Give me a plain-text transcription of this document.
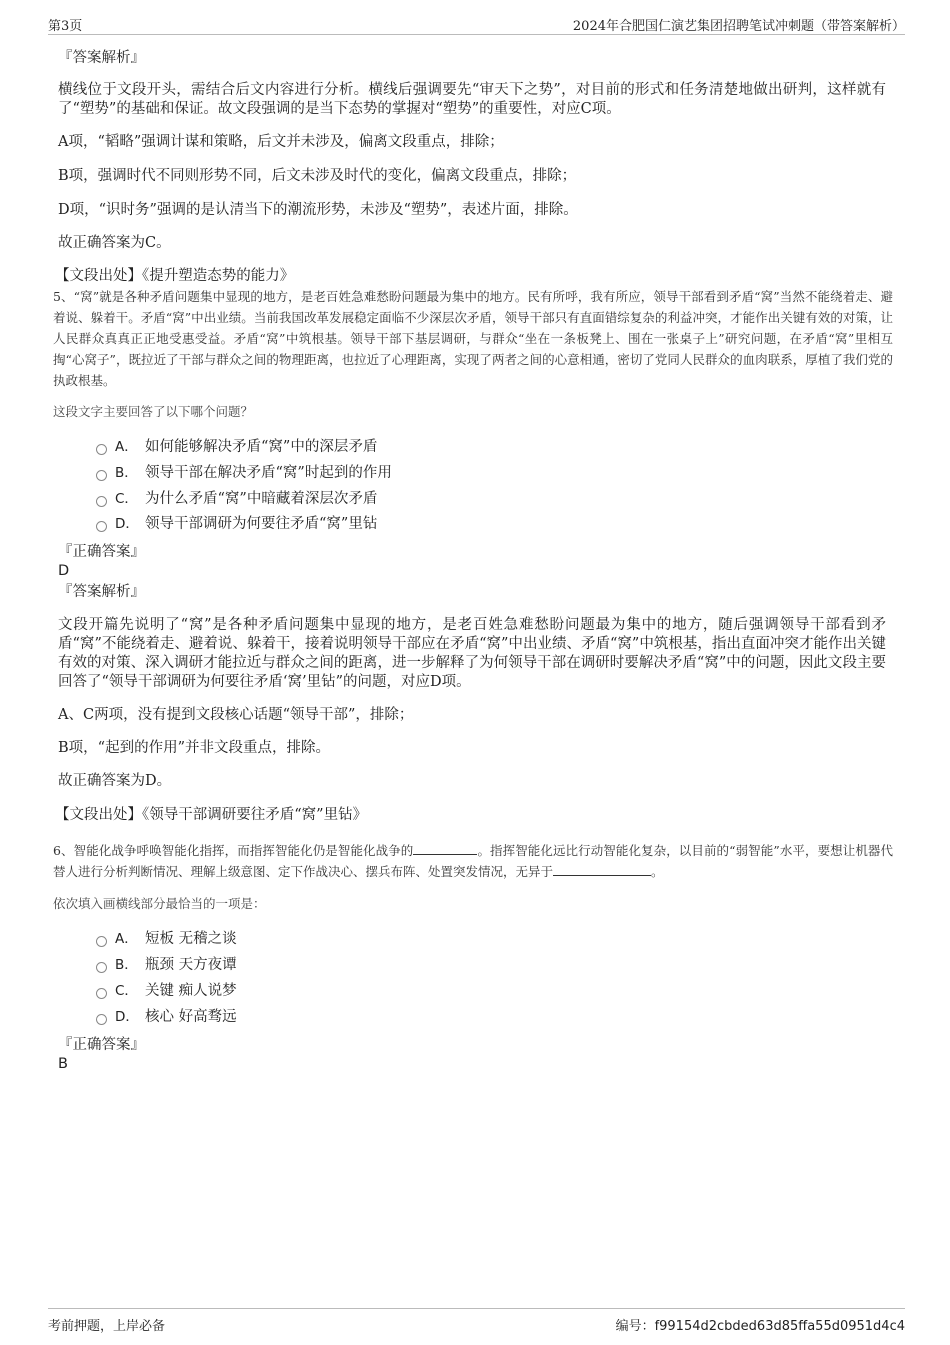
第3页	2024年合肥国仁演艺集团招聘笔试冲刺题（带答案解析）
『答案解析』
横线位于文段开头，需结合后文内容进行分析。横线后强调要先“审天下之势”，对目前的形式和任务清楚地做出研判，这样就有了“塑势”的基础和保证。故文段强调的是当下态势的掌握对“塑势”的重要性，对应C项。
A项，“韬略”强调计谋和策略，后文并未涉及，偏离文段重点，排除；
B项，强调时代不同则形势不同，后文未涉及时代的变化，偏离文段重点，排除；
D项，“识时务”强调的是认清当下的潮流形势，未涉及“塑势”，表述片面，排除。
故正确答案为C。
【文段出处】《提升塑造态势的能力》
5、“窝”就是各种矛盾问题集中显现的地方，是老百姓急难愁盼问题最为集中的地方。民有所呼，我有所应，领导干部看到矛盾“窝”当然不能绕着走、避着说、躲着干。矛盾“窝”中出业绩。当前我国改革发展稳定面临不少深层次矛盾，领导干部只有直面错综复杂的利益冲突，才能作出关键有效的对策，让人民群众真真正正地受惠受益。矛盾“窝”中筑根基。领导干部下基层调研，与群众“坐在一条板凳上、围在一张桌子上”研究问题，在矛盾“窝”里相互掏“心窝子”，既拉近了干部与群众之间的物理距离，也拉近了心理距离，实现了两者之间的心意相通，密切了党同人民群众的血肉联系，厚植了我们党的执政根基。
这段文字主要回答了以下哪个问题？
A． 如何能够解决矛盾“窝”中的深层矛盾
B． 领导干部在解决矛盾“窝”时起到的作用
C． 为什么矛盾“窝”中暗藏着深层次矛盾
D． 领导干部调研为何要往矛盾“窝”里钻
『正确答案』
D
『答案解析』
文段开篇先说明了“窝”是各种矛盾问题集中显现的地方，是老百姓急难愁盼问题最为集中的地方，随后强调领导干部看到矛盾“窝”不能绕着走、避着说、躲着干，接着说明领导干部应在矛盾“窝”中出业绩、矛盾“窝”中筑根基，指出直面冲突才能作出关键有效的对策、深入调研才能拉近与群众之间的距离，进一步解释了为何领导干部在调研时要解决矛盾“窝”中的问题，因此文段主要回答了“领导干部调研为何要往矛盾‘窝’里钻”的问题，对应D项。
A、C两项，没有提到文段核心话题“领导干部”，排除；
B项，“起到的作用”并非文段重点，排除。
故正确答案为D。
【文段出处】《领导干部调研要往矛盾“窝”里钻》
6、智能化战争呼唤智能化指挥，而指挥智能化仍是智能化战争的	。指挥智能化远比行动智能化复杂，以目前的“弱智能”水平，要想让机器代替人进行分析判断情况、理解上级意图、定下作战决心、摆兵布阵、处置突发情况，无异于	。
依次填入画横线部分最恰当的一项是：
A． 短板 无稽之谈
B． 瓶颈 天方夜谭
C． 关键 痴人说梦
D． 核心 好高骛远
『正确答案』
B
考前押题，上岸必备	编号：f99154d2cbded63d85ffa55d0951d4c4
